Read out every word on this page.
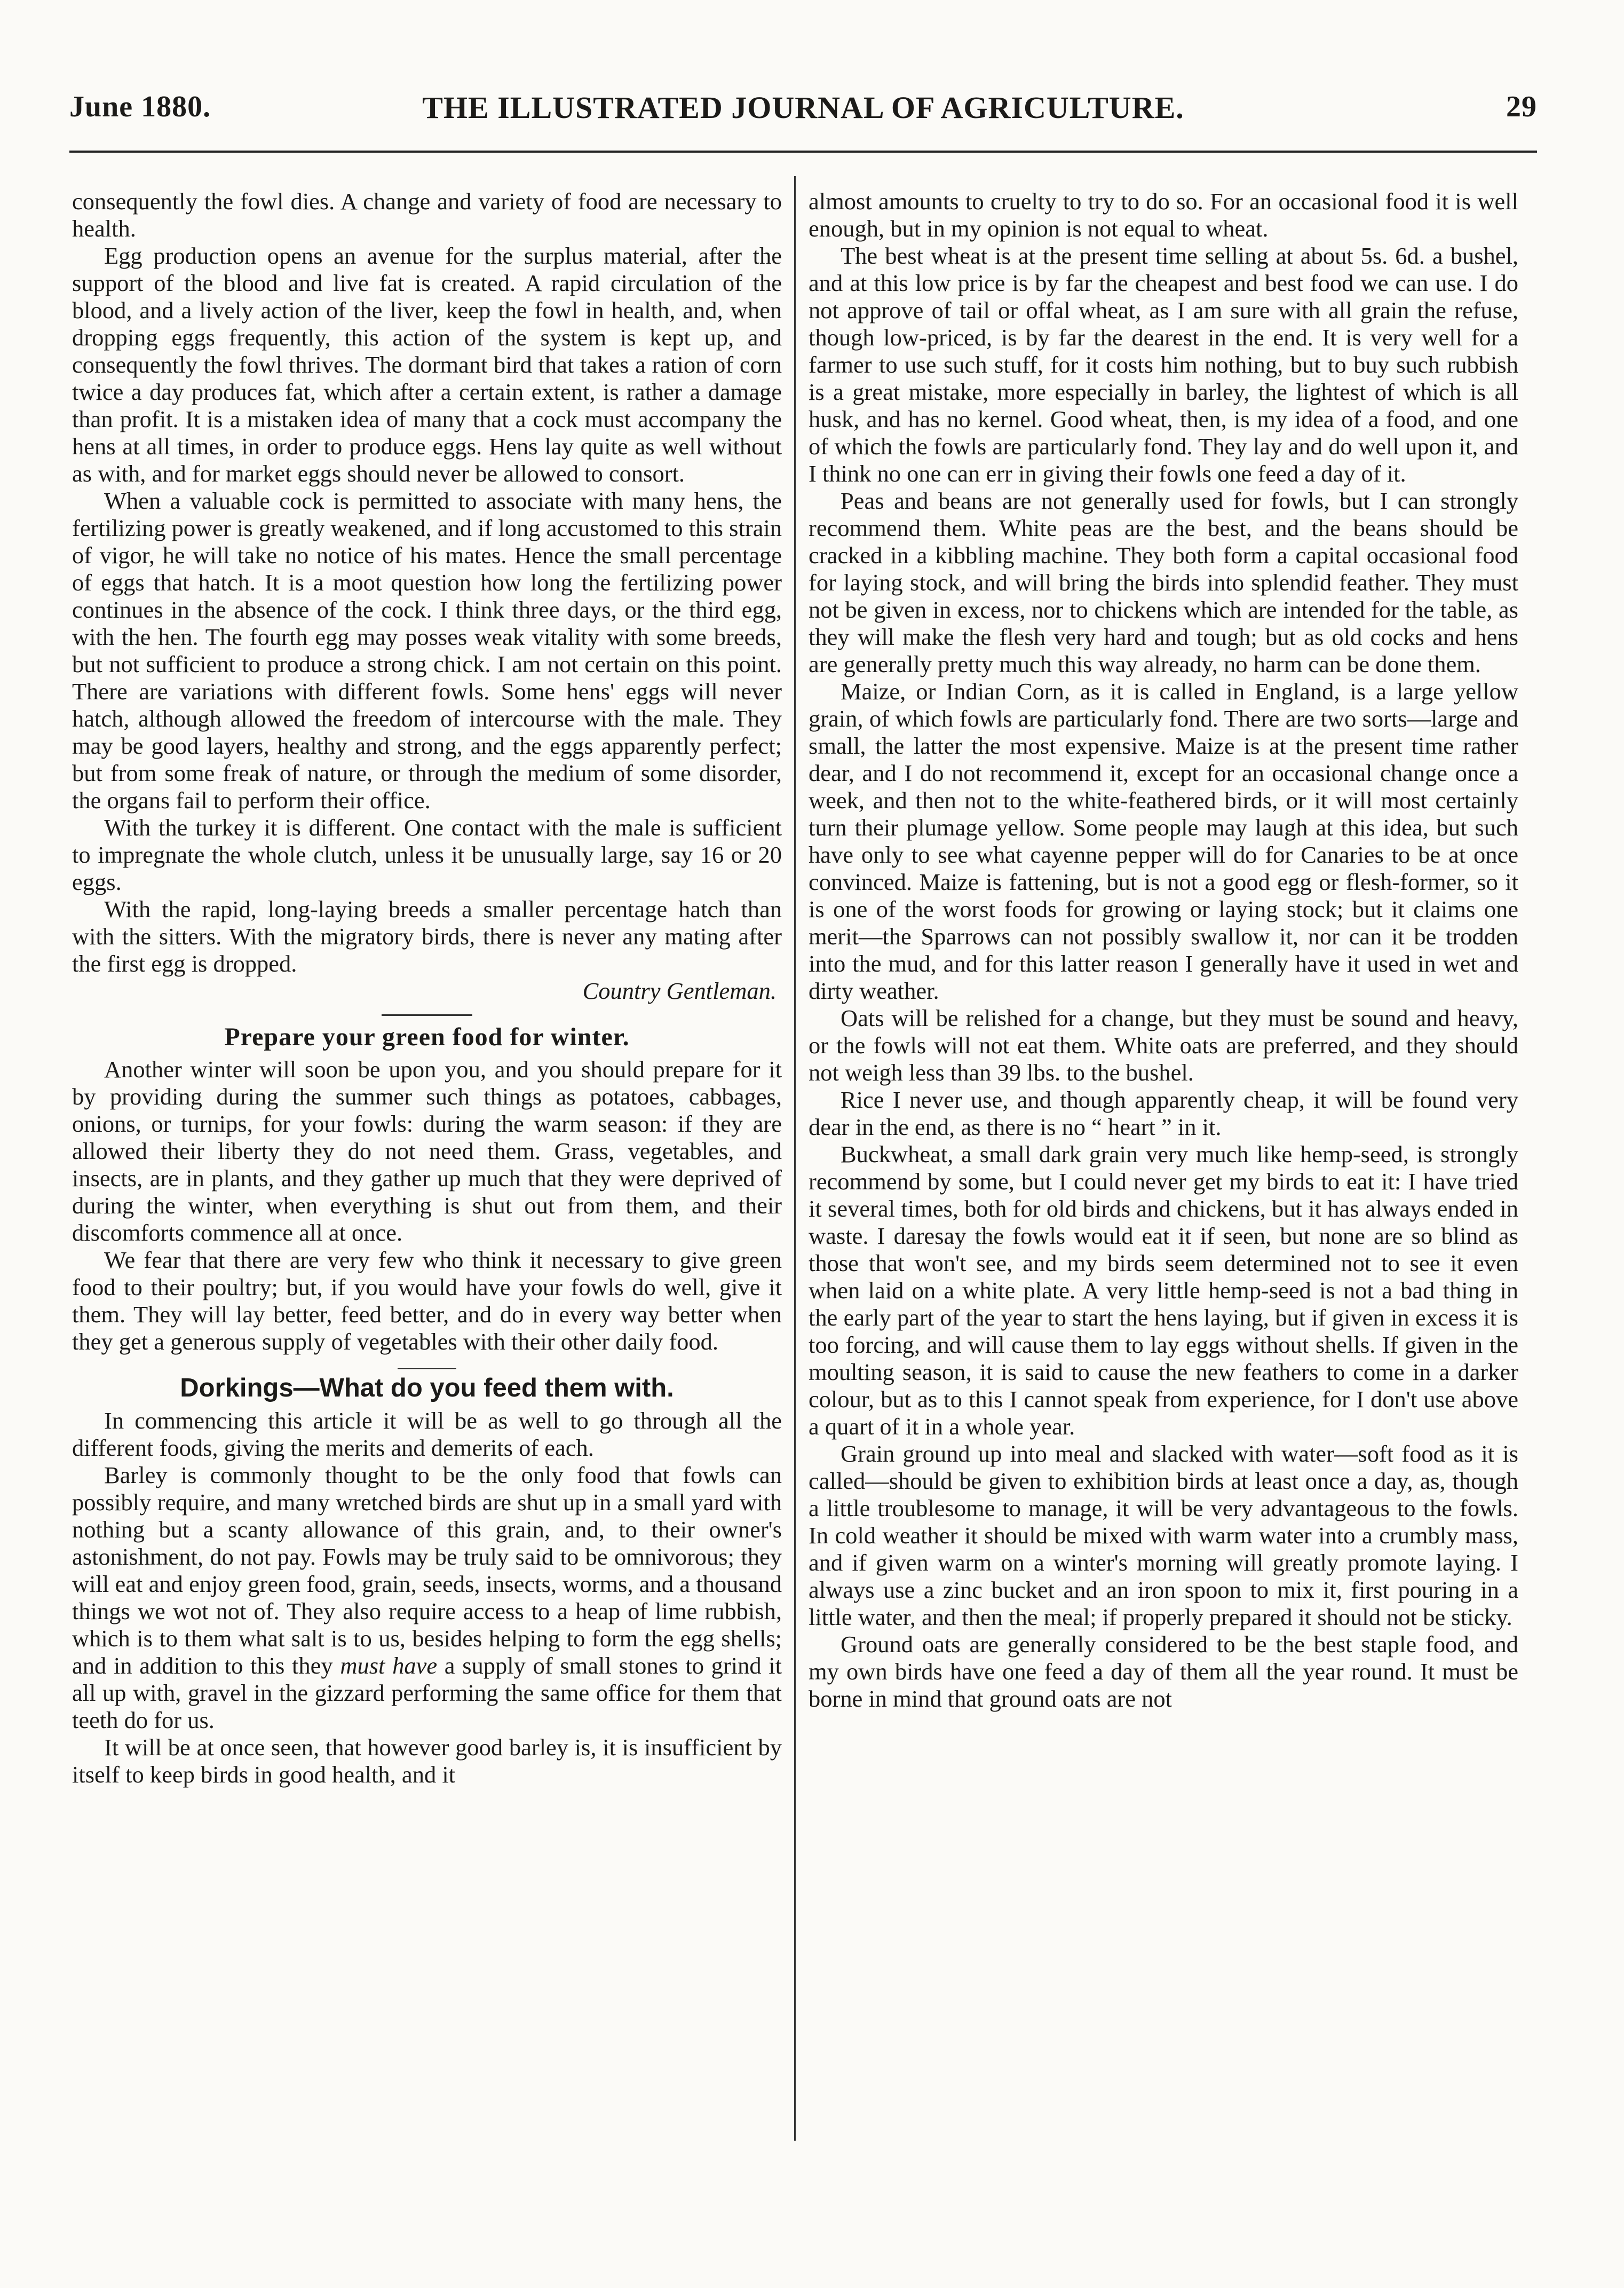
June 1880.	THE ILLUSTRATED JOURNAL OF AGRICULTURE.	29

consequently the fowl dies. A change and variety of food are necessary to health.

Egg production opens an avenue for the surplus material, after the support of the blood and live fat is created. A rapid circulation of the blood, and a lively action of the liver, keep the fowl in health, and, when dropping eggs frequently, this action of the system is kept up, and consequently the fowl thrives. The dormant bird that takes a ration of corn twice a day produces fat, which after a certain extent, is rather a damage than profit. It is a mistaken idea of many that a cock must accompany the hens at all times, in order to produce eggs. Hens lay quite as well without as with, and for market eggs should never be allowed to consort.

When a valuable cock is permitted to associate with many hens, the fertilizing power is greatly weakened, and if long accustomed to this strain of vigor, he will take no notice of his mates. Hence the small percentage of eggs that hatch. It is a moot question how long the fertilizing power continues in the absence of the cock. I think three days, or the third egg, with the hen. The fourth egg may posses weak vitality with some breeds, but not sufficient to produce a strong chick. I am not certain on this point. There are variations with different fowls. Some hens' eggs will never hatch, although allowed the freedom of intercourse with the male. They may be good layers, healthy and strong, and the eggs apparently perfect; but from some freak of nature, or through the medium of some disorder, the organs fail to perform their office.

With the turkey it is different. One contact with the male is sufficient to impregnate the whole clutch, unless it be unusually large, say 16 or 20 eggs.

With the rapid, long-laying breeds a smaller percentage hatch than with the sitters. With the migratory birds, there is never any mating after the first egg is dropped.

Country Gentleman.

Prepare your green food for winter.

Another winter will soon be upon you, and you should prepare for it by providing during the summer such things as potatoes, cabbages, onions, or turnips, for your fowls: during the warm season: if they are allowed their liberty they do not need them. Grass, vegetables, and insects, are in plants, and they gather up much that they were deprived of during the winter, when everything is shut out from them, and their discomforts commence all at once.

We fear that there are very few who think it necessary to give green food to their poultry; but, if you would have your fowls do well, give it them. They will lay better, feed better, and do in every way better when they get a generous supply of vegetables with their other daily food.

Dorkings—What do you feed them with.

In commencing this article it will be as well to go through all the different foods, giving the merits and demerits of each.

Barley is commonly thought to be the only food that fowls can possibly require, and many wretched birds are shut up in a small yard with nothing but a scanty allowance of this grain, and, to their owner's astonishment, do not pay. Fowls may be truly said to be omnivorous; they will eat and enjoy green food, grain, seeds, insects, worms, and a thousand things we wot not of. They also require access to a heap of lime rubbish, which is to them what salt is to us, besides helping to form the egg shells; and in addition to this they must have a supply of small stones to grind it all up with, gravel in the gizzard performing the same office for them that teeth do for us.

It will be at once seen, that however good barley is, it is insufficient by itself to keep birds in good health, and it

almost amounts to cruelty to try to do so. For an occasional food it is well enough, but in my opinion is not equal to wheat.

The best wheat is at the present time selling at about 5s. 6d. a bushel, and at this low price is by far the cheapest and best food we can use. I do not approve of tail or offal wheat, as I am sure with all grain the refuse, though low-priced, is by far the dearest in the end. It is very well for a farmer to use such stuff, for it costs him nothing, but to buy such rubbish is a great mistake, more especially in barley, the lightest of which is all husk, and has no kernel. Good wheat, then, is my idea of a food, and one of which the fowls are particularly fond. They lay and do well upon it, and I think no one can err in giving their fowls one feed a day of it.

Peas and beans are not generally used for fowls, but I can strongly recommend them. White peas are the best, and the beans should be cracked in a kibbling machine. They both form a capital occasional food for laying stock, and will bring the birds into splendid feather. They must not be given in excess, nor to chickens which are intended for the table, as they will make the flesh very hard and tough; but as old cocks and hens are generally pretty much this way already, no harm can be done them.

Maize, or Indian Corn, as it is called in England, is a large yellow grain, of which fowls are particularly fond. There are two sorts—large and small, the latter the most expensive. Maize is at the present time rather dear, and I do not recommend it, except for an occasional change once a week, and then not to the white-feathered birds, or it will most certainly turn their plumage yellow. Some people may laugh at this idea, but such have only to see what cayenne pepper will do for Canaries to be at once convinced. Maize is fattening, but is not a good egg or flesh-former, so it is one of the worst foods for growing or laying stock; but it claims one merit—the Sparrows can not possibly swallow it, nor can it be trodden into the mud, and for this latter reason I generally have it used in wet and dirty weather.

Oats will be relished for a change, but they must be sound and heavy, or the fowls will not eat them. White oats are preferred, and they should not weigh less than 39 lbs. to the bushel.

Rice I never use, and though apparently cheap, it will be found very dear in the end, as there is no “ heart ” in it.

Buckwheat, a small dark grain very much like hemp-seed, is strongly recommend by some, but I could never get my birds to eat it: I have tried it several times, both for old birds and chickens, but it has always ended in waste. I daresay the fowls would eat it if seen, but none are so blind as those that won't see, and my birds seem determined not to see it even when laid on a white plate. A very little hemp-seed is not a bad thing in the early part of the year to start the hens laying, but if given in excess it is too forcing, and will cause them to lay eggs without shells. If given in the moulting season, it is said to cause the new feathers to come in a darker colour, but as to this I cannot speak from experience, for I don't use above a quart of it in a whole year.

Grain ground up into meal and slacked with water—soft food as it is called—should be given to exhibition birds at least once a day, as, though a little troublesome to manage, it will be very advantageous to the fowls. In cold weather it should be mixed with warm water into a crumbly mass, and if given warm on a winter's morning will greatly promote laying. I always use a zinc bucket and an iron spoon to mix it, first pouring in a little water, and then the meal; if properly prepared it should not be sticky.

Ground oats are generally considered to be the best staple food, and my own birds have one feed a day of them all the year round. It must be borne in mind that ground oats are not
